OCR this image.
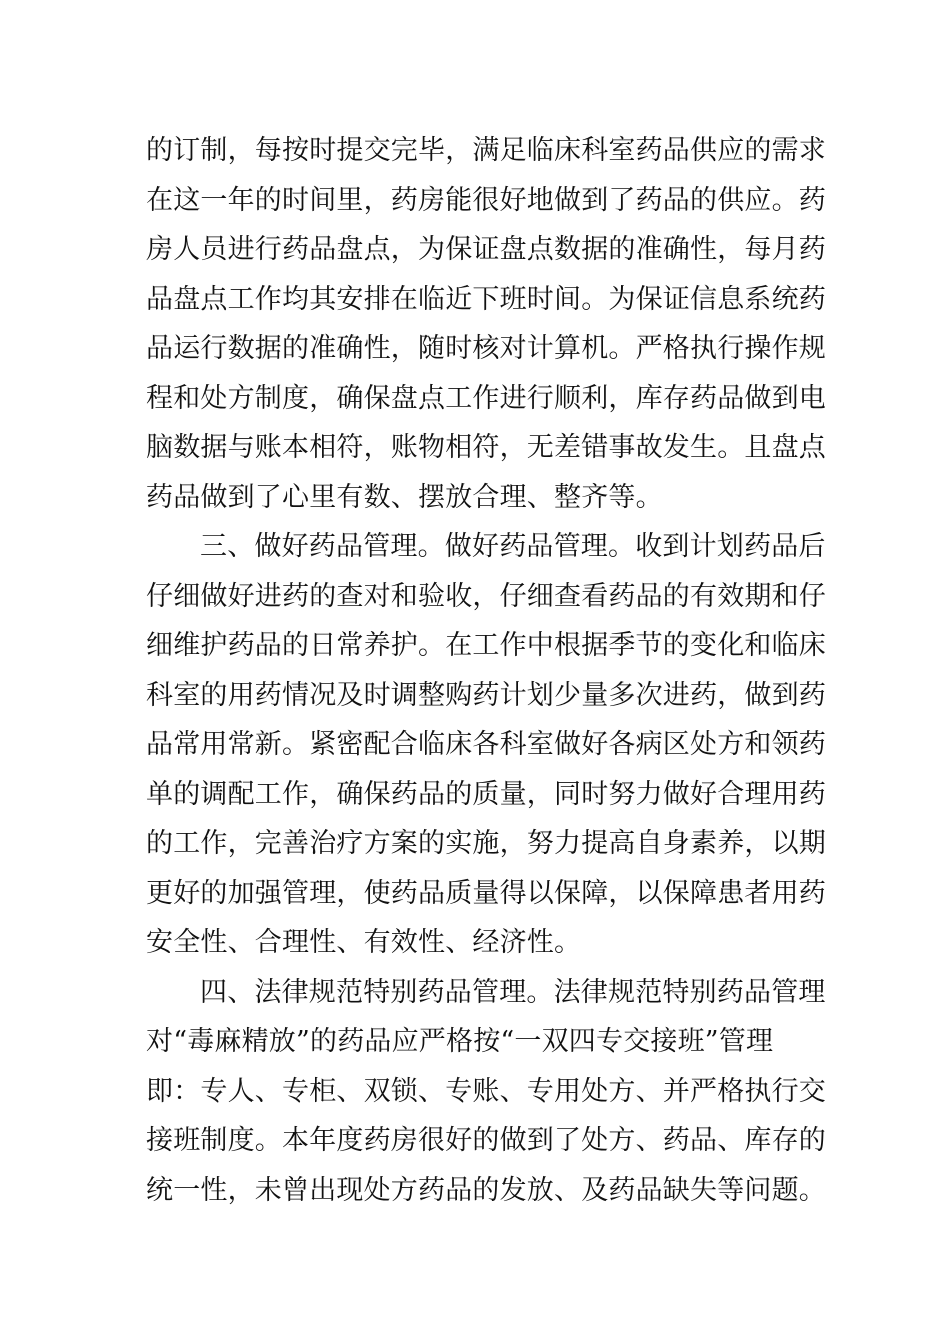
的订制，每按时提交完毕，满足临床科室药品供应的需求
在这一年的时间里，药房能很好地做到了药品的供应。药
房人员进行药品盘点，为保证盘点数据的准确性，每月药
品盘点工作均其安排在临近下班时间。为保证信息系统药
品运行数据的准确性，随时核对计算机。严格执行操作规
程和处方制度，确保盘点工作进行顺利，库存药品做到电
脑数据与账本相符，账物相符，无差错事故发生。且盘点
药品做到了心里有数、摆放合理、整齐等。
三、做好药品管理。做好药品管理。收到计划药品后
仔细做好进药的查对和验收，仔细查看药品的有效期和仔
细维护药品的日常养护。在工作中根据季节的变化和临床
科室的用药情况及时调整购药计划少量多次进药，做到药
品常用常新。紧密配合临床各科室做好各病区处方和领药
单的调配工作，确保药品的质量，同时努力做好合理用药
的工作，完善治疗方案的实施，努力提高自身素养，以期
更好的加强管理，使药品质量得以保障，以保障患者用药
安全性、合理性、有效性、经济性。
四、法律规范特别药品管理。法律规范特别药品管理
对“毒麻精放”的药品应严格按“一双四专交接班”管理
即：专人、专柜、双锁、专账、专用处方、并严格执行交
接班制度。本年度药房很好的做到了处方、药品、库存的
统一性，未曾出现处方药品的发放、及药品缺失等问题。
